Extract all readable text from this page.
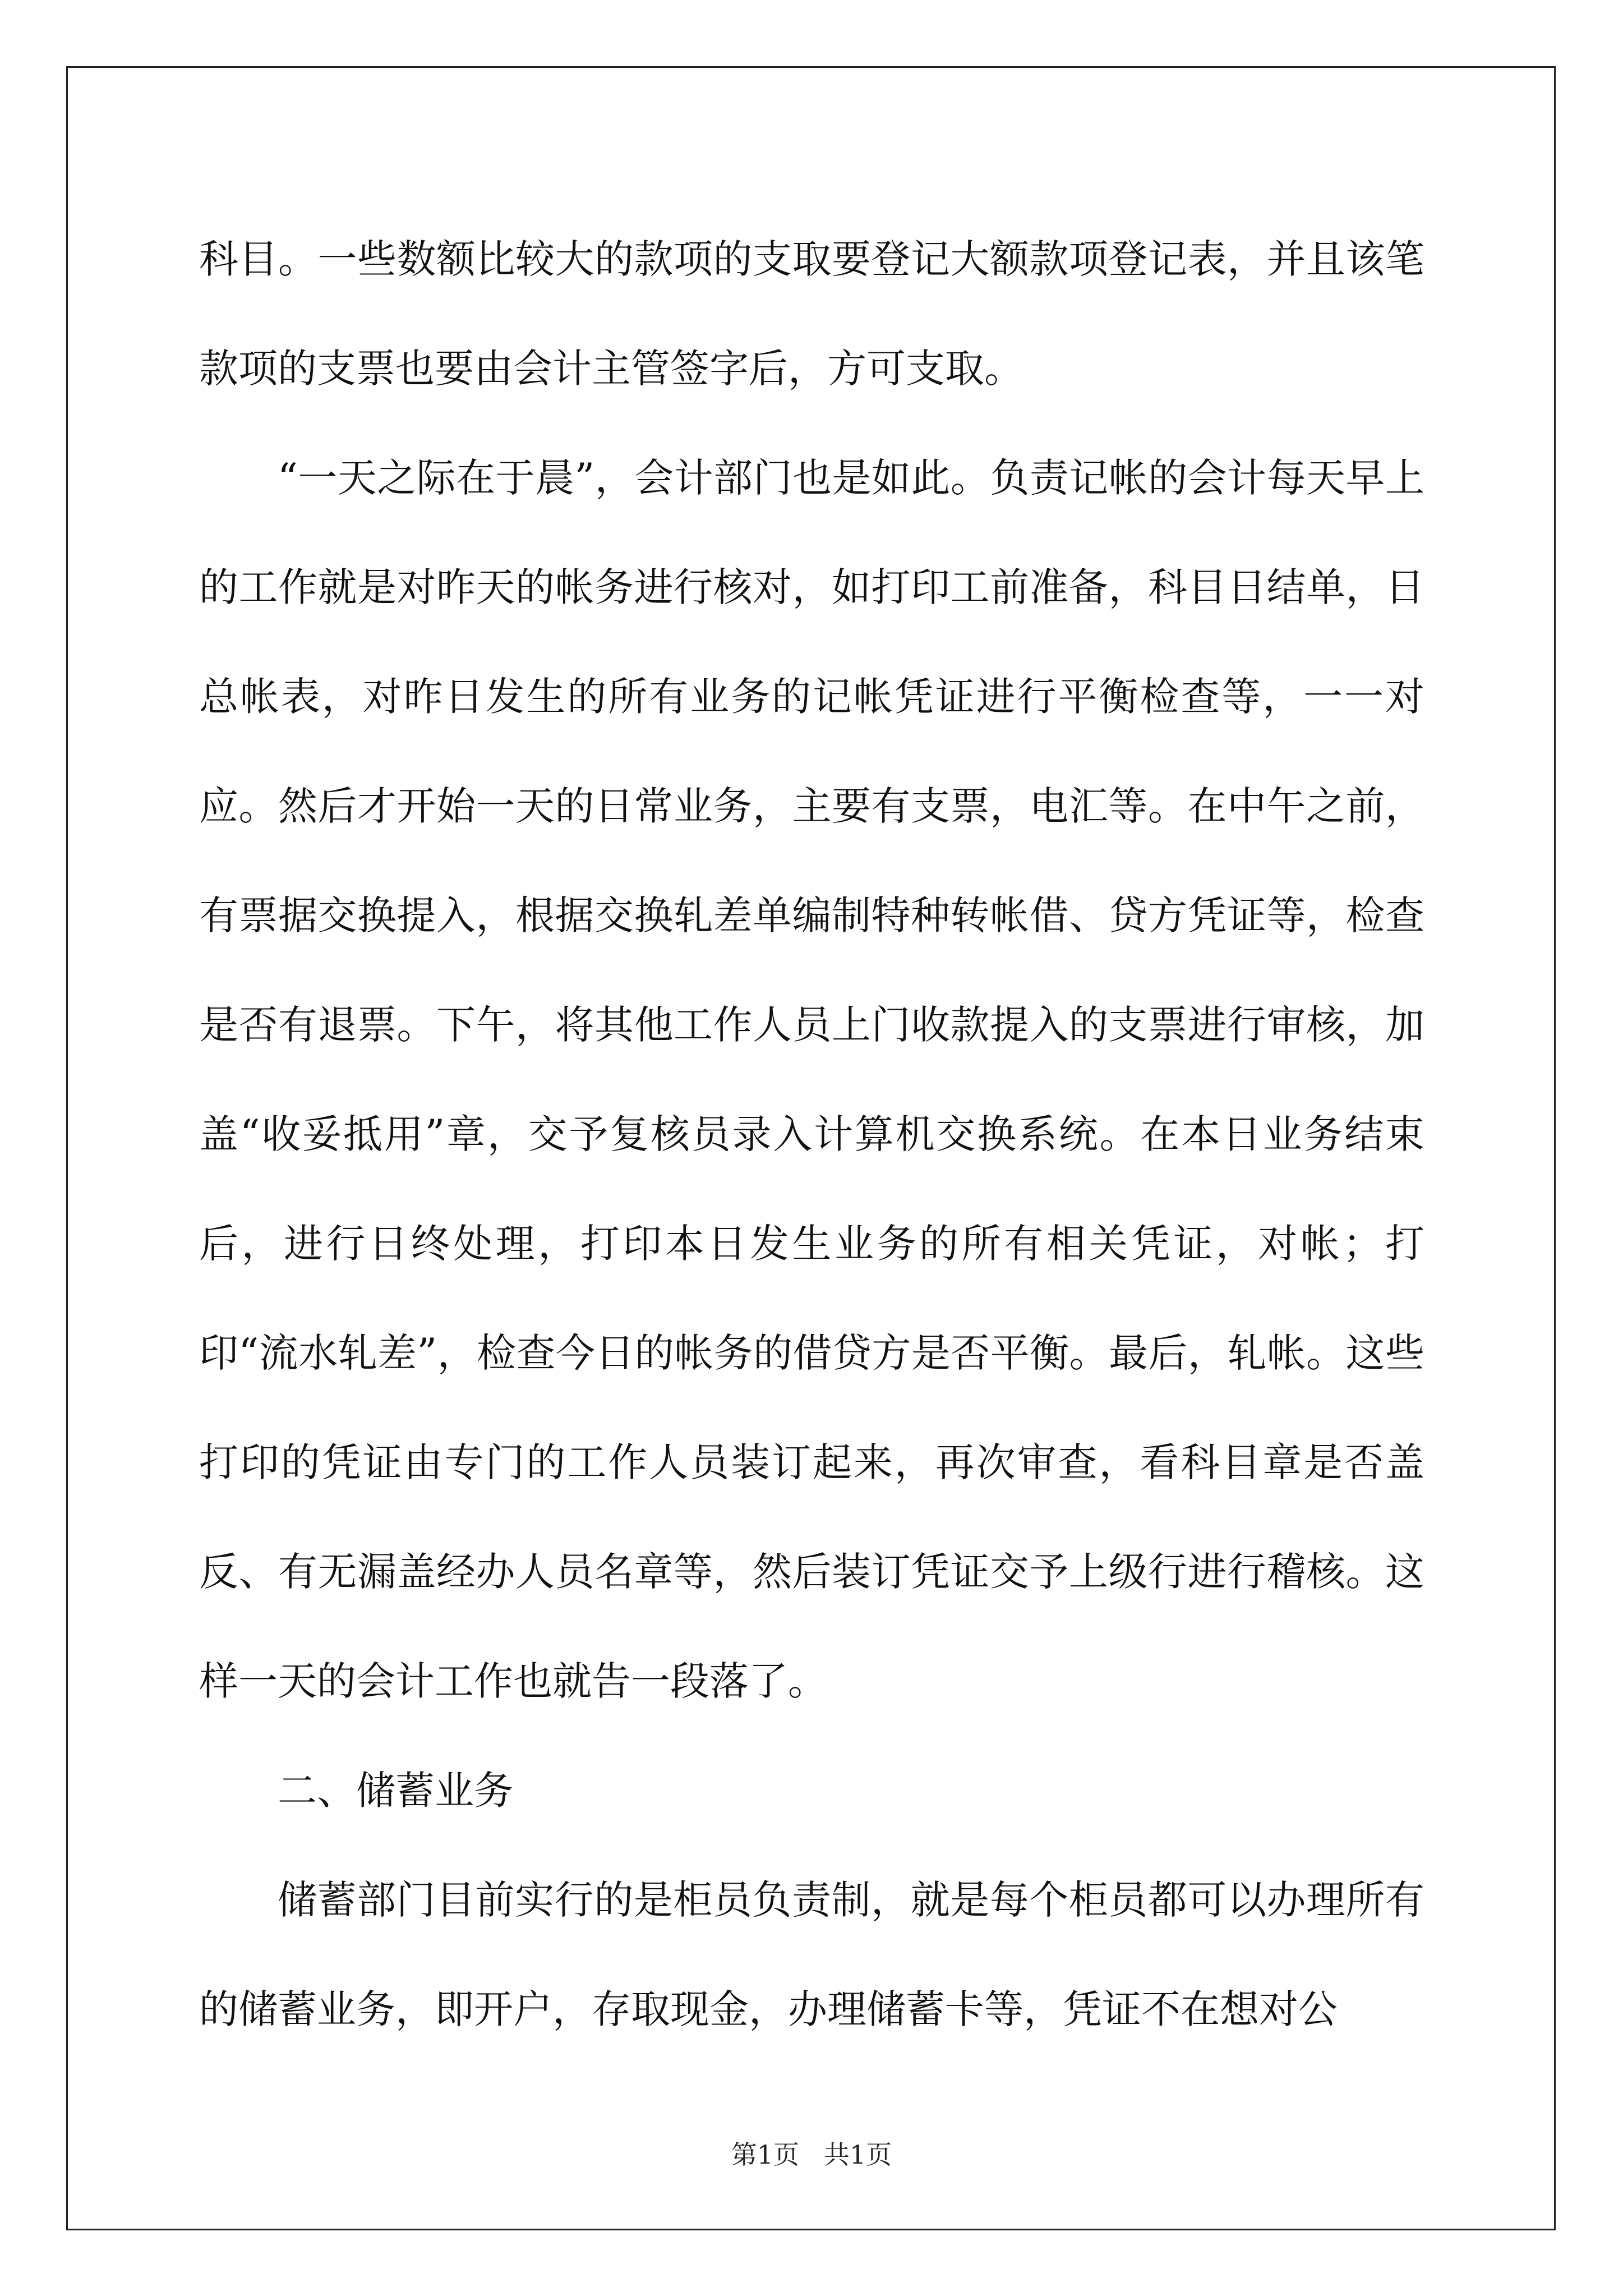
科目。一些数额比较大的款项的支取要登记大额款项登记表，并且该笔款项的支票也要由会计主管签字后，方可支取。

“一天之际在于晨”，会计部门也是如此。负责记帐的会计每天早上的工作就是对昨天的帐务进行核对，如打印工前准备，科目日结单，日总帐表，对昨日发生的所有业务的记帐凭证进行平衡检查等，一一对应。然后才开始一天的日常业务，主要有支票，电汇等。在中午之前，有票据交换提入，根据交换轧差单编制特种转帐借、贷方凭证等，检查是否有退票。下午，将其他工作人员上门收款提入的支票进行审核，加盖“收妥抵用”章，交予复核员录入计算机交换系统。在本日业务结束后，进行日终处理，打印本日发生业务的所有相关凭证，对帐；打印“流水轧差”，检查今日的帐务的借贷方是否平衡。最后，轧帐。这些打印的凭证由专门的工作人员装订起来，再次审查，看科目章是否盖反、有无漏盖经办人员名章等，然后装订凭证交予上级行进行稽核。这样一天的会计工作也就告一段落了。

二、储蓄业务

储蓄部门目前实行的是柜员负责制，就是每个柜员都可以办理所有的储蓄业务，即开户，存取现金，办理储蓄卡等，凭证不在想对公

第1页   共1页
